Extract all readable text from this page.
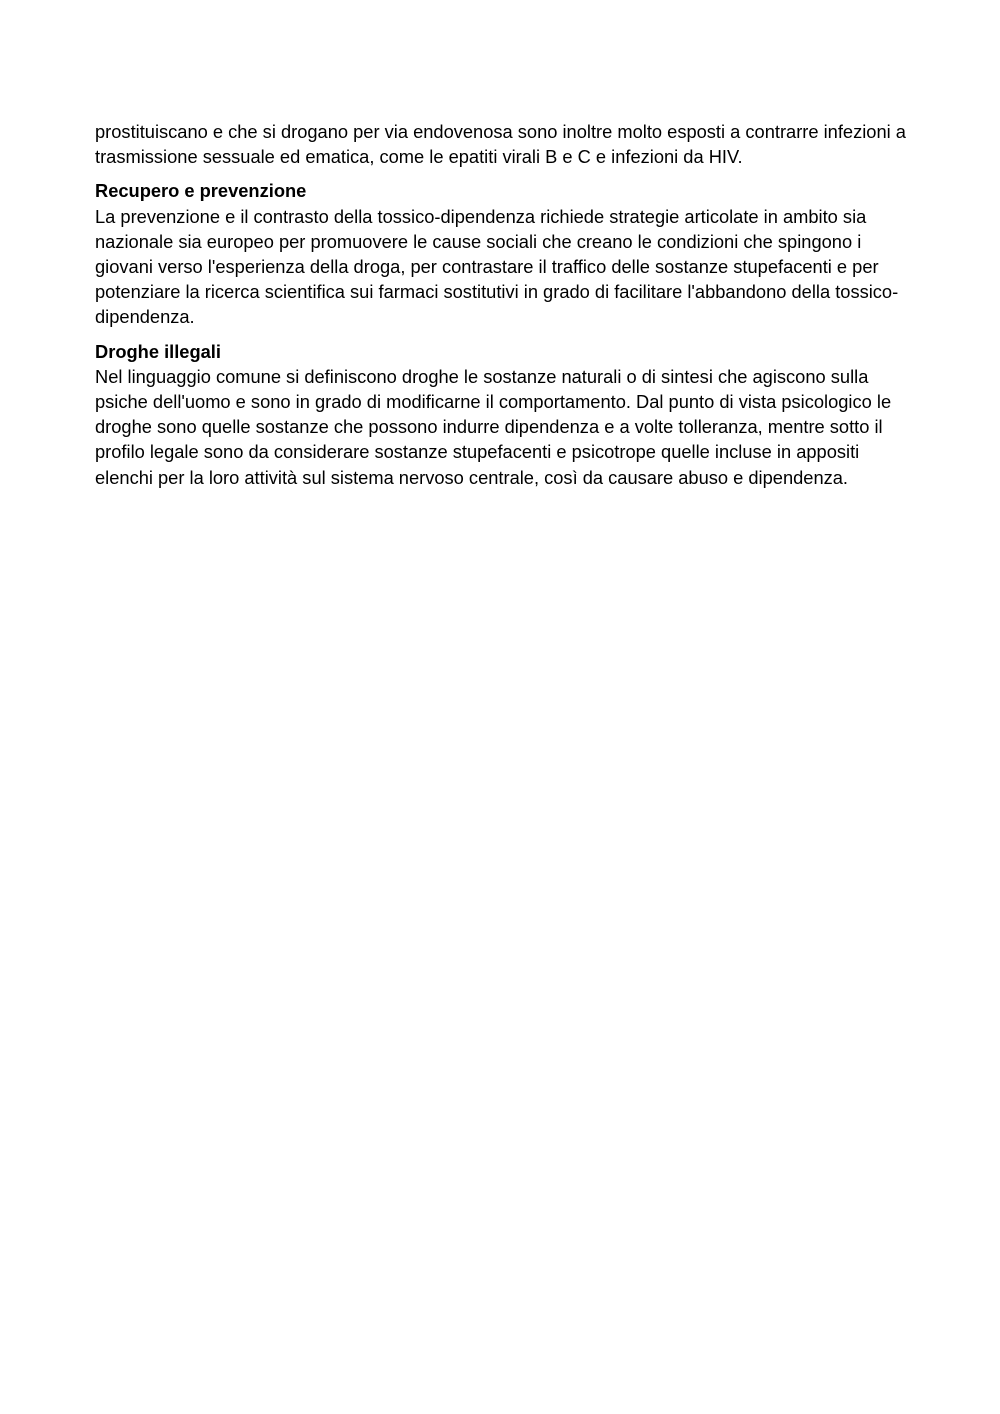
prostituiscano e che si drogano per via endovenosa sono inoltre molto esposti a contrarre infezioni a trasmissione sessuale ed ematica, come le epatiti virali B e C e infezioni da HIV.

Recupero e prevenzione
La prevenzione e il contrasto della tossico-dipendenza richiede strategie articolate in ambito sia nazionale sia europeo per promuovere le cause sociali che creano le condizioni che spingono i giovani verso l'esperienza della droga, per contrastare il traffico delle sostanze stupefacenti e per potenziare la ricerca scientifica sui farmaci sostitutivi in grado di facilitare l'abbandono della tossico-dipendenza.
Droghe illegali
Nel linguaggio comune si definiscono droghe le sostanze naturali o di sintesi che agiscono sulla psiche dell'uomo e sono in grado di modificarne il comportamento. Dal punto di vista psicologico le droghe sono quelle sostanze che possono indurre dipendenza e a volte tolleranza, mentre sotto il profilo legale sono da considerare sostanze stupefacenti e psicotrope quelle incluse in appositi elenchi per la loro attività sul sistema nervoso centrale, così da causare abuso e dipendenza.
